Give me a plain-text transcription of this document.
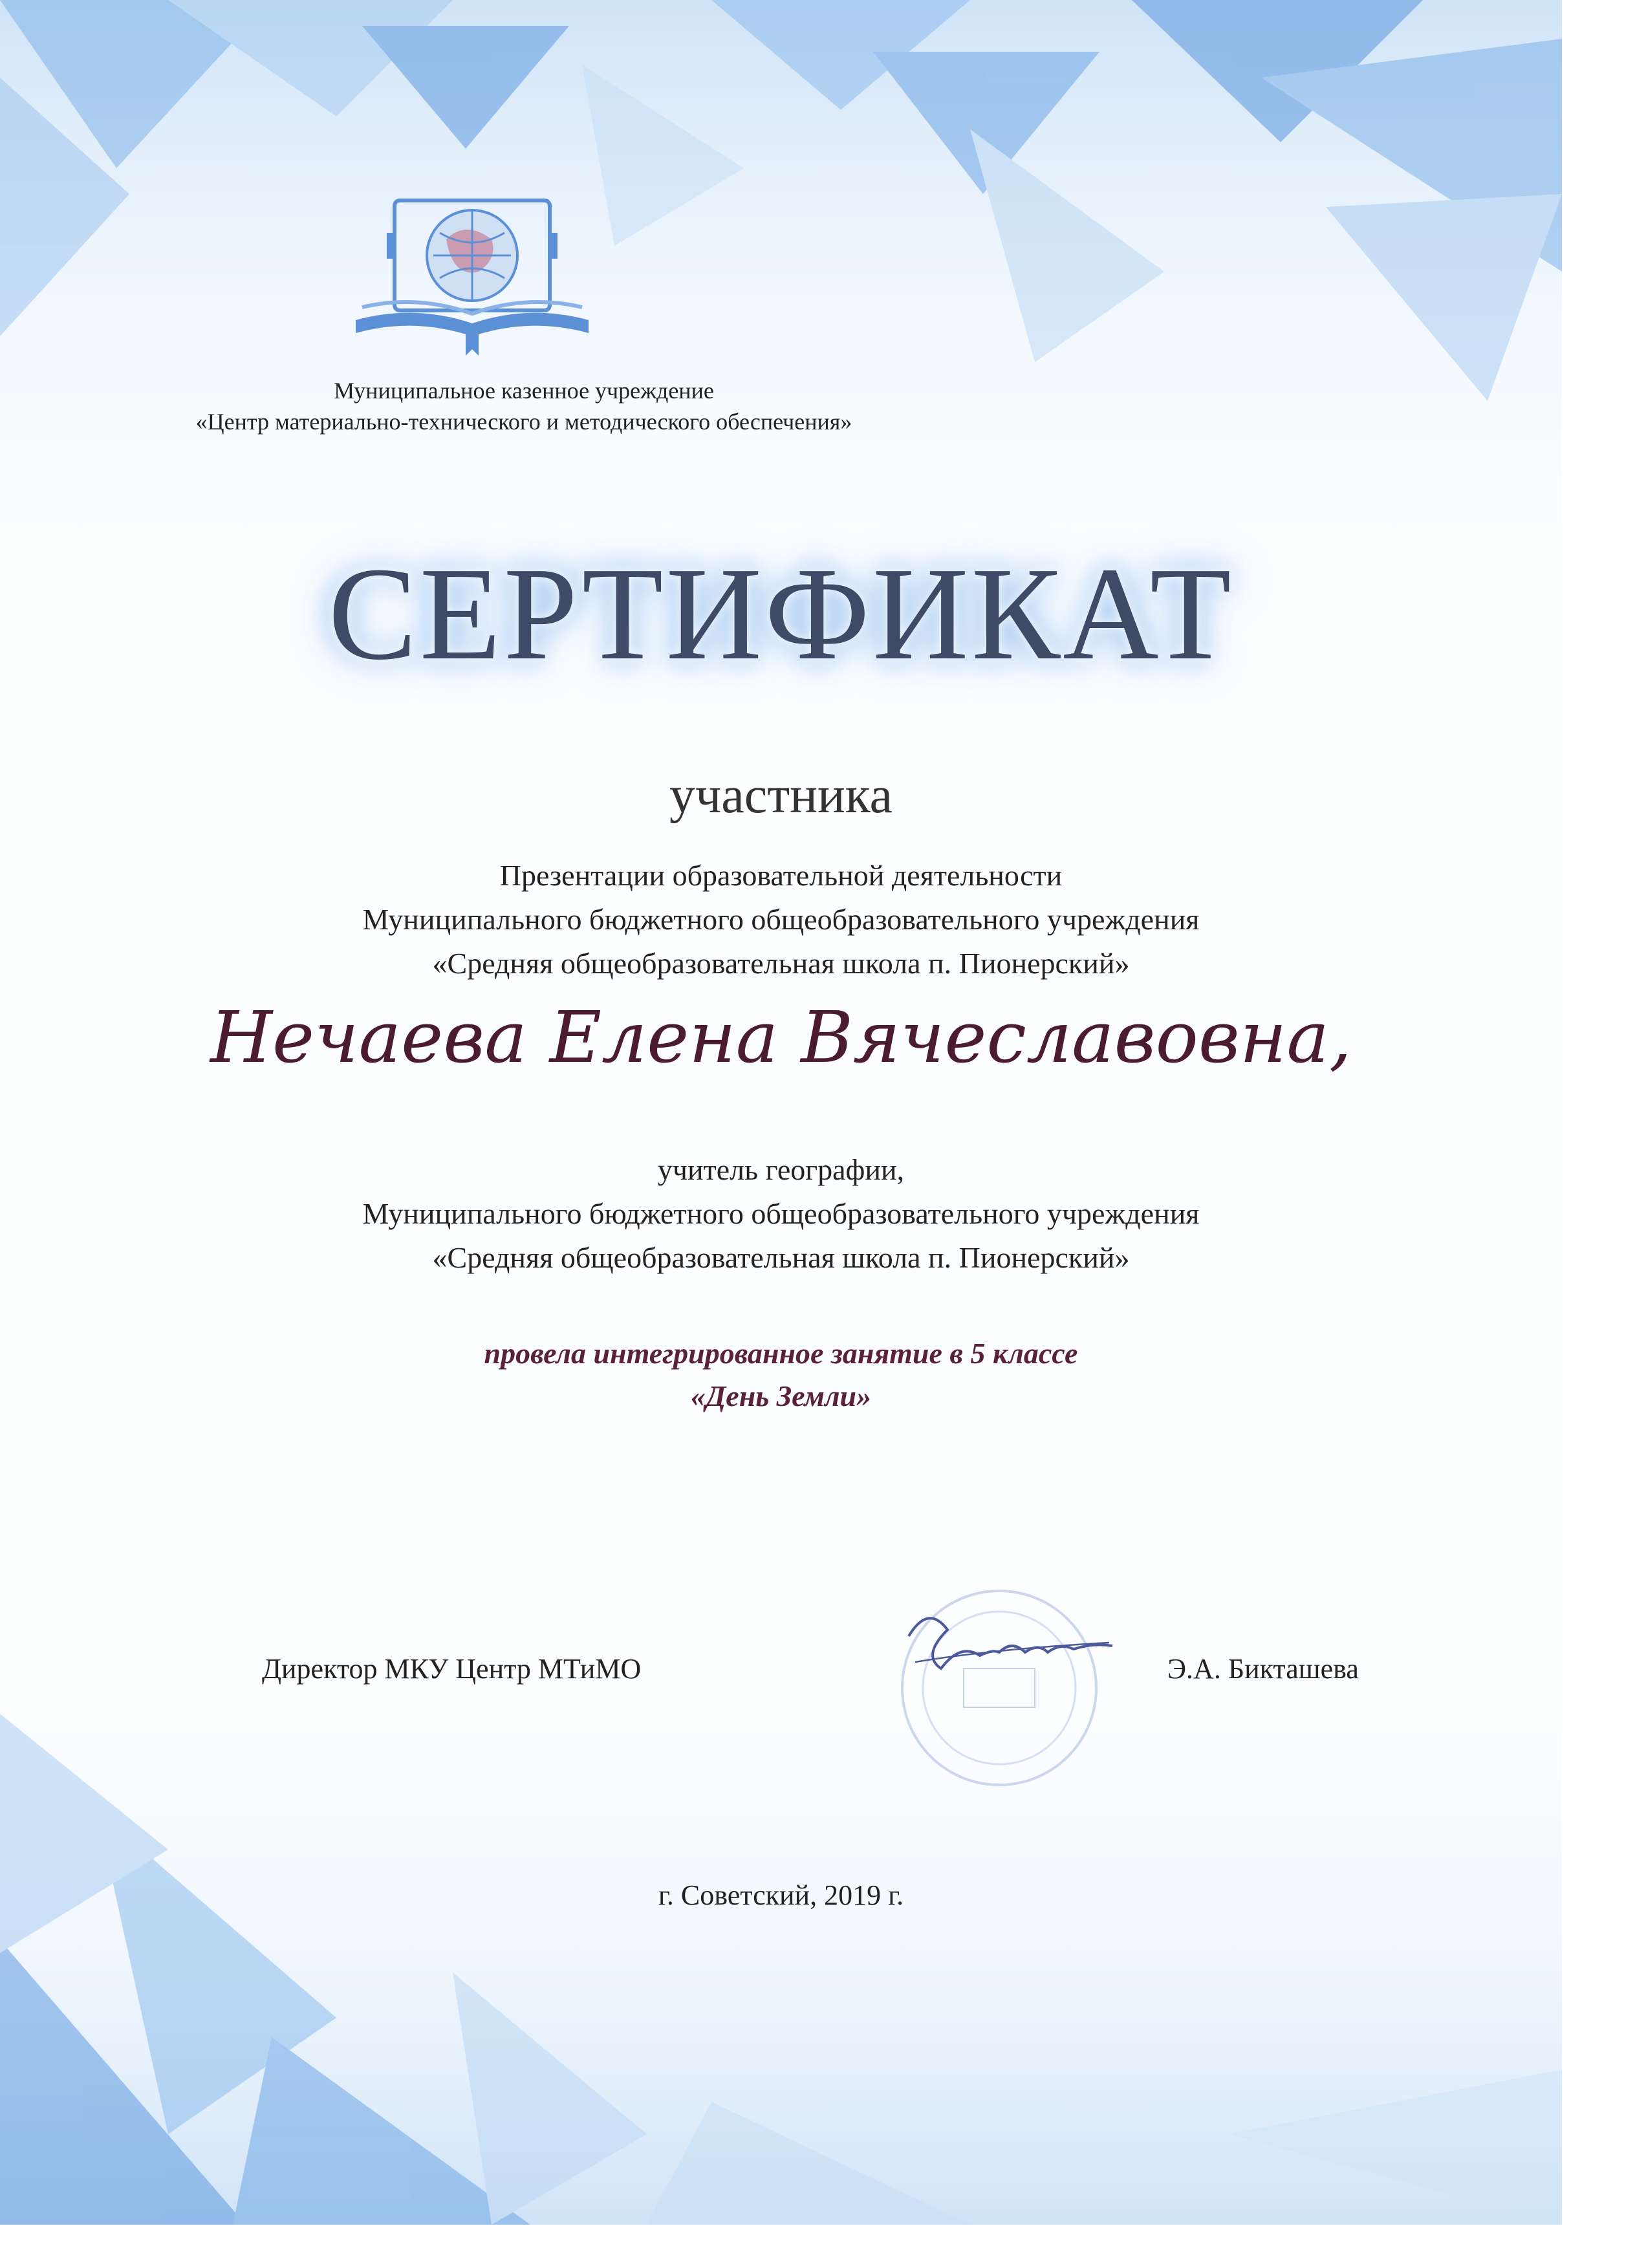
Муниципальное казенное учреждение
«Центр материально-технического и методического обеспечения»
СЕРТИФИКАТ
участника
Презентации образовательной деятельности
Муниципального бюджетного общеобразовательного учреждения
«Средняя общеобразовательная школа п. Пионерский»
Нечаева Елена Вячеславовна,
учитель географии,
Муниципального бюджетного общеобразовательного учреждения
«Средняя общеобразовательная школа п. Пионерский»
провела интегрированное занятие в 5 классе
«День Земли»
Директор МКУ Центр МТиМО	Э.А. Бикташева
г. Советский, 2019 г.
